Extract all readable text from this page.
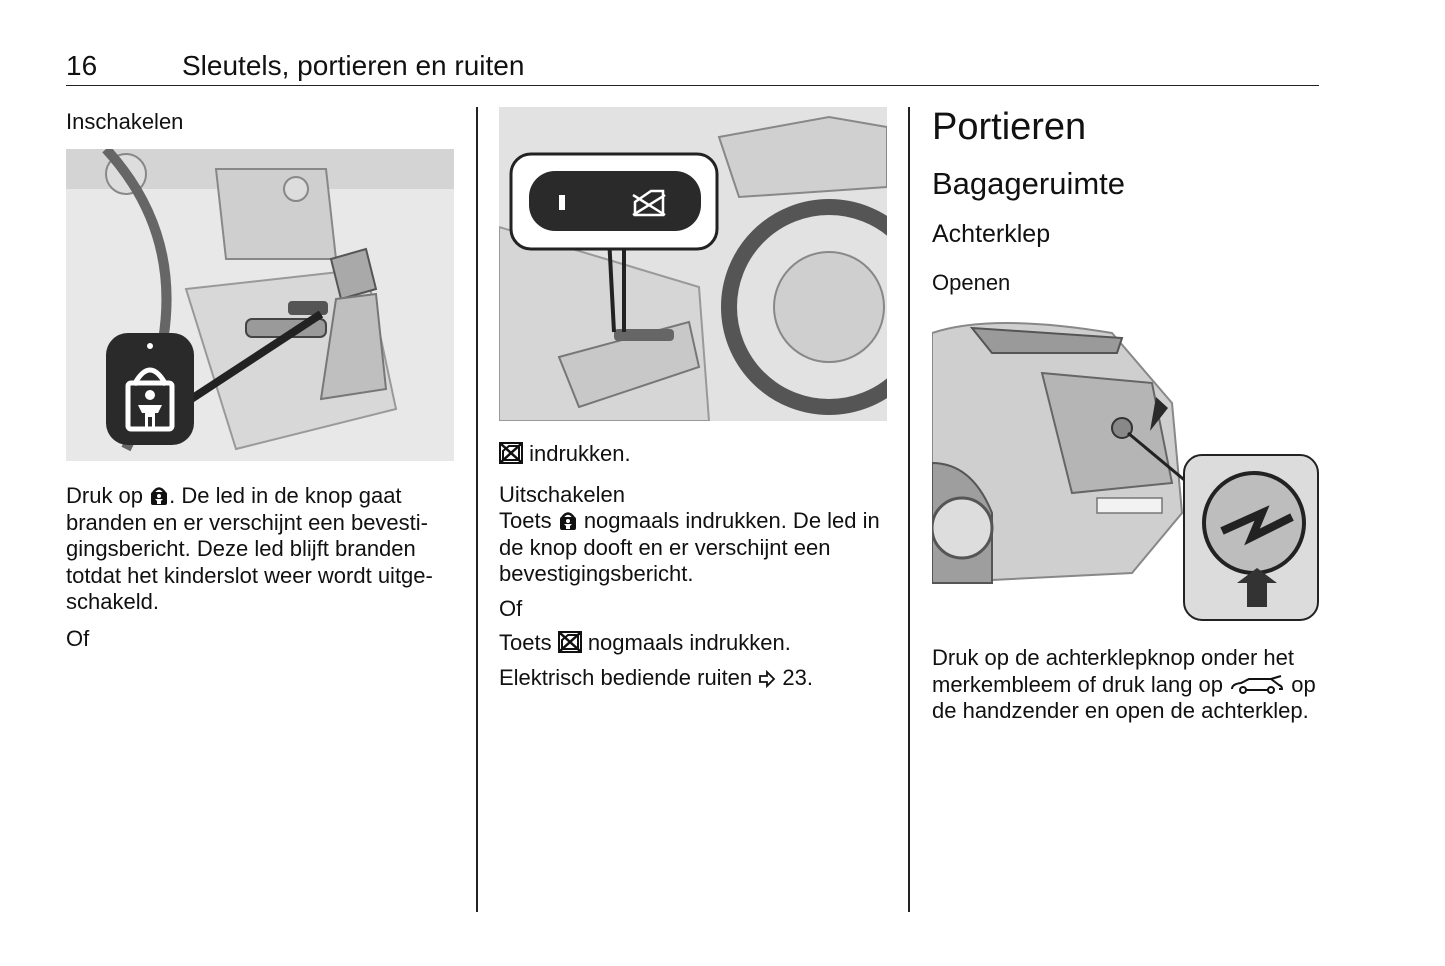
16	Sleutels, portieren en ruiten
Inschakelen

Druk op . De led in de knop gaat branden en er verschijnt een bevestigingsbericht. Deze led blijft branden totdat het kinderslot weer wordt uitgeschakeld.

Of

indrukken.

Uitschakelen

Toets  nogmaals indrukken. De led in de knop dooft en er verschijnt een bevestigingsbericht.

Of

Toets  nogmaals indrukken.

Elektrisch bediende ruiten  23.

Portieren
Bagageruimte
Achterklep
Openen

Druk op de achterklepknop onder het merkembleem of druk lang op	op de handzender en open de achterklep.
